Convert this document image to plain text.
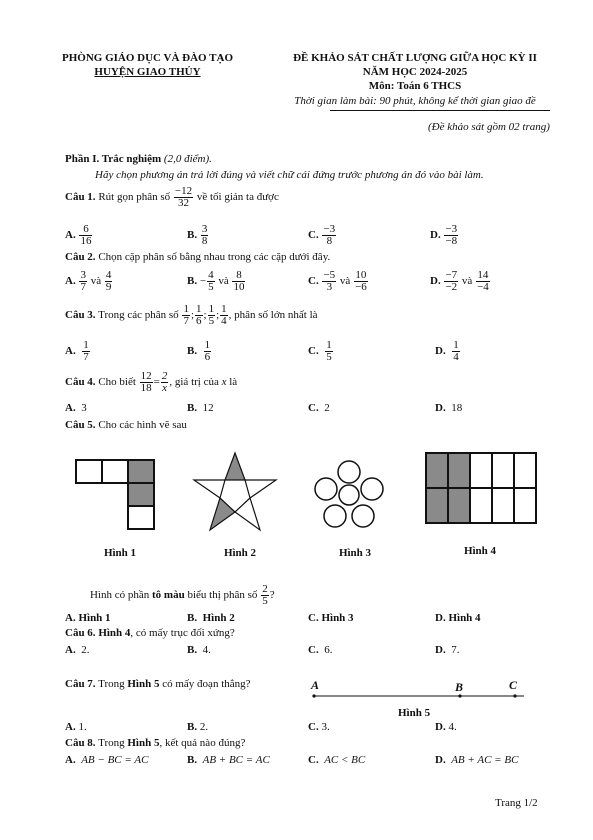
PHÒNG GIÁO DỤC VÀ ĐÀO TẠO
HUYỆN GIAO THỦY
ĐỀ KHẢO SÁT CHẤT LƯỢNG GIỮA HỌC KỲ II
NĂM HỌC 2024-2025
Môn: Toán 6 THCS
Thời gian làm bài: 90 phút, không kể thời gian giao đề
(Đề khảo sát gồm 02 trang)
Phần I. Trắc nghiệm (2,0 điểm).
Hãy chọn phương án trả lời đúng và viết chữ cái đứng trước phương án đó vào bài làm.
Câu 1. Rút gọn phân số $\frac{-12}{32}$ về tối giản ta được
A. $\frac{6}{16}$	B. $\frac{3}{8}$	C. $\frac{-3}{8}$	D. $\frac{-3}{-8}$
Câu 2. Chọn cặp phân số bằng nhau trong các cặp dưới đây.
A. $\frac{3}{7}$ và $\frac{4}{9}$	B. − $\frac{4}{5}$ và $\frac{8}{10}$	C. $\frac{-5}{3}$ và $\frac{10}{-6}$	D. $\frac{-7}{-2}$ và $\frac{14}{-4}$
Câu 3. Trong các phân số $\frac{1}{7}$ ; $\frac{1}{6}$ ; $\frac{1}{5}$ ; $\frac{1}{4}$ , phân số lớn nhất là
A. $\frac{1}{7}$	B. $\frac{1}{6}$	C. $\frac{1}{5}$	D. $\frac{1}{4}$
Câu 4. Cho biết $\frac{12}{18} = \frac{2}{x}$ , giá trị của x là
A. 3	B. 12	C. 2	D. 18
Câu 5. Cho các hình vẽ sau
Hình 1	Hình 2	Hình 3	Hình 4
Hình có phần tô màu biểu thị phân số $\frac{2}{5}$ ?
A. Hình 1	B. Hình 2	C. Hình 3	D. Hình 4
Câu 6. Hình 4, có mấy trục đối xứng?
A. 2.	B. 4.	C. 6.	D. 7.
Câu 7. Trong Hình 5 có mấy đoạn thẳng?	A	B	C
Hình 5
A. 1.	B. 2.	C. 3.	D. 4.
Câu 8. Trong Hình 5, kết quả nào đúng?
A. AB − BC = AC	B. AB + BC = AC	C. AC < BC	D. AB + AC = BC
Trang 1/2
